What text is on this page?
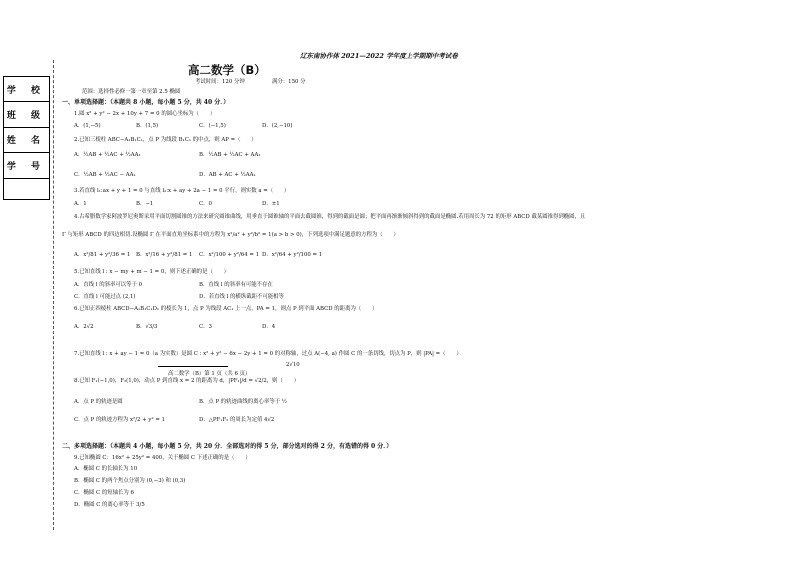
学 校
班 级
姓 名
学 号
辽东南协作体 2021—2022 学年度上学期期中考试卷
高二数学（B）
考试时间：120 分钟	满分：150 分
范围：选择性必修一第一章至第 2.5 椭圆
一、单项选择题：（本题共 8 小题，每小题 5 分，共 40 分．）
1.圆 x² + y² − 2x + 10y + 7 = 0 的圆心坐标为（　　）
A．(1,−5)	B．(1,5)	C．(−1,5)	D．(2,−10)
2.已知三棱柱 ABC−A₁B₁C₁，点 P 为线段 B₁C₁ 的中点，则 AP =（　　）
A．½AB + ½AC + ½AA₁	B．½AB + ½AC + AA₁
C．½AB + ½AC − AA₁	D．AB + AC + ½AA₁
3.若直线 l₁:ax + y + 1 = 0 与直线 l₂:x + ay + 2a − 1 = 0 平行，则实数 a =（　　）
A．1	B．−1	C．0	D．±1
4.古希腊数学家阿波罗尼奥斯采用平面切割圆锥的方法来研究圆锥曲线，用垂直于圆锥轴的平面去截圆锥，得到的截面是圆；把平面再渐渐倾斜得到的截面是椭圆.若用周长为 72 的矩形 ABCD 截某圆锥得到椭圆，且
Γ 与矩形 ABCD 的四边相切.设椭圆 Γ 在平面直角坐标系中的方程为 x²/a² + y²/b² = 1(a > b > 0)，下列选项中满足题意的方程为（　　）
A．x²/81 + y²/36 = 1 B．x²/16 + y²/81 = 1 C．x²/100 + y²/64 = 1 D．x²/64 + y²/100 = 1
5.已知直线 l : x − my + m − 1 = 0，则下述正确的是（　　）
A．直线 l 的斜率可以等于 0	B．直线 l 的斜率有可能不存在
C．直线 l 可能过点 (2,1)	D．若直线 l 的横纵截距不可能相等
6.已知正四棱柱 ABCD−A₁B₁C₁D₁ 的棱长为 1，点 P 为线段 AC₁ 上一点，PA = 1，则点 P 到平面 ABCD 的距离为（　　）
A．2√2	B．√3/3	C．3	D．4
7.已知直线 l : x + ay − 1 = 0（a 为实数）是圆 C : x² + y² − 6x − 2y + 1 = 0 的对称轴，过点 A(−4, a) 作圆 C 的一条切线，切点为 P，则 |PA| =（　　）
2√10
高二数学（B）第 1 页（共 6 页）
8.已知 F₁(−1,0)，F₂(1,0)，动点 P 到直线 x = 2 的距离为 d，|PF₁|/d = √2/2，则（　　）
A．点 P 的轨迹是圆	B．点 P 的轨迹曲线的离心率等于 ½
C．点 P 的轨迹方程为 x²/2 + y² = 1	D．△PF₁F₂ 的周长为定值 4√2
二、多项选择题：（本题共 4 小题，每小题 5 分，共 20 分．全部选对的得 5 分，部分选对的得 2 分，有选错的得 0 分．）
9.已知椭圆 C：16x² + 25y² = 400，关于椭圆 C 下述正确的是（　　）
A．椭圆 C 的长轴长为 10
B．椭圆 C 的两个焦点分别为 (0,−3) 和 (0,3)
C．椭圆 C 的短轴长为 6
D．椭圆 C 的离心率等于 3/5
